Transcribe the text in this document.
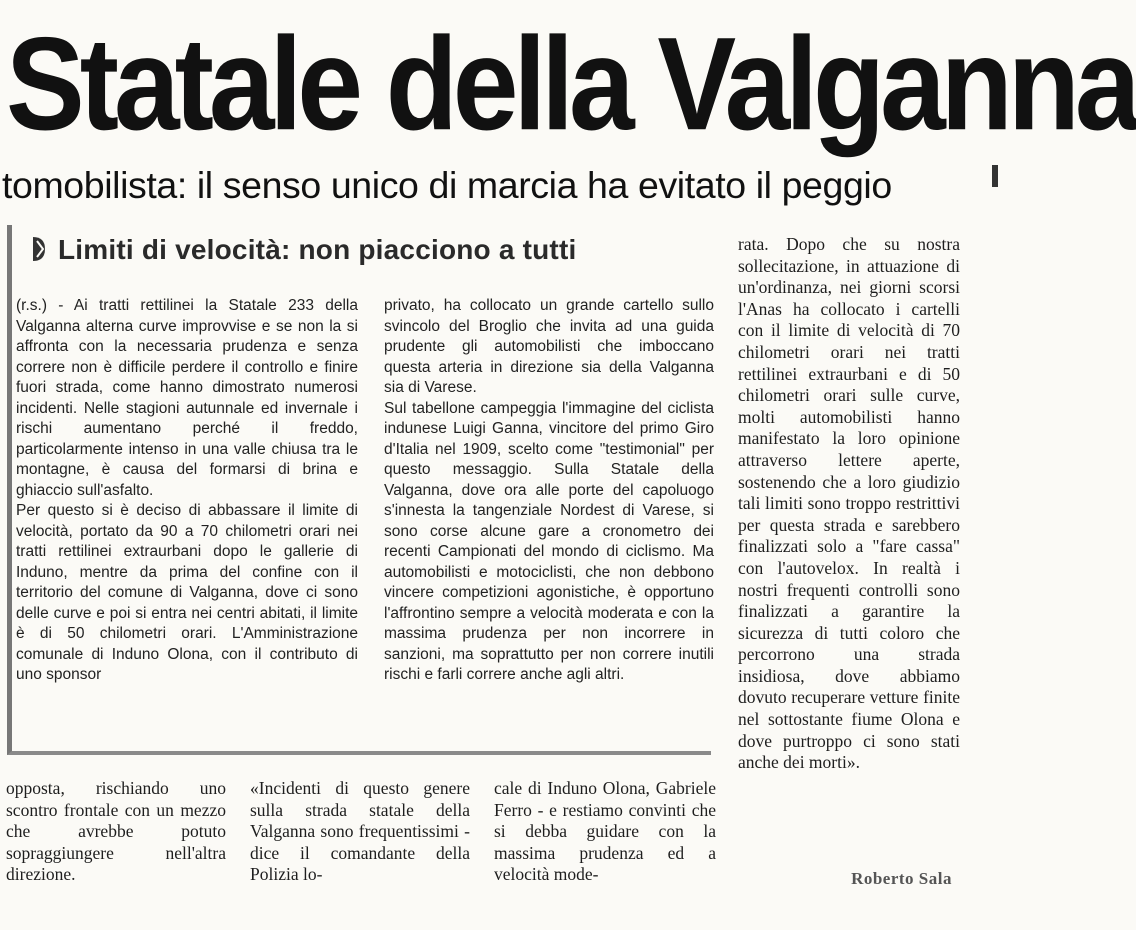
Statale della Valganna
tomobilista: il senso unico di marcia ha evitato il peggio
Limiti di velocità: non piacciono a tutti

(r.s.) - Ai tratti rettilinei la Statale 233 della Valganna alterna curve improvvise e se non la si affronta con la necessaria prudenza e senza correre non è difficile perdere il controllo e finire fuori strada, come hanno dimostrato numerosi incidenti. Nelle stagioni autunnale ed invernale i rischi aumentano perché il freddo, particolarmente intenso in una valle chiusa tra le montagne, è causa del formarsi di brina e ghiaccio sull'asfalto.

Per questo si è deciso di abbassare il limite di velocità, portato da 90 a 70 chilometri orari nei tratti rettilinei extraurbani dopo le gallerie di Induno, mentre da prima del confine con il territorio del comune di Valganna, dove ci sono delle curve e poi si entra nei centri abitati, il limite è di 50 chilometri orari. L'Amministrazione comunale di Induno Olona, con il contributo di uno sponsor

privato, ha collocato un grande cartello sullo svincolo del Broglio che invita ad una guida prudente gli automobilisti che imboccano questa arteria in direzione sia della Valganna sia di Varese.

Sul tabellone campeggia l'immagine del ciclista indunese Luigi Ganna, vincitore del primo Giro d'Italia nel 1909, scelto come "testimonial" per questo messaggio. Sulla Statale della Valganna, dove ora alle porte del capoluogo s'innesta la tangenziale Nordest di Varese, si sono corse alcune gare a cronometro dei recenti Campionati del mondo di ciclismo. Ma automobilisti e motociclisti, che non debbono vincere competizioni agonistiche, è opportuno l'affrontino sempre a velocità moderata e con la massima prudenza per non incorrere in sanzioni, ma soprattutto per non correre inutili rischi e farli correre anche agli altri.

rata. Dopo che su nostra sollecitazione, in attuazione di un'ordinanza, nei giorni scorsi l'Anas ha collocato i cartelli con il limite di velocità di 70 chilometri orari nei tratti rettilinei extraurbani e di 50 chilometri orari sulle curve, molti automobilisti hanno manifestato la loro opinione attraverso lettere aperte, sostenendo che a loro giudizio tali limiti sono troppo restrittivi per questa strada e sarebbero finalizzati solo a "fare cassa" con l'autovelox. In realtà i nostri frequenti controlli sono finalizzati a garantire la sicurezza di tutti coloro che percorrono una strada insidiosa, dove abbiamo dovuto recuperare vetture finite nel sottostante fiume Olona e dove purtroppo ci sono stati anche dei morti».

opposta, rischiando uno scontro frontale con un mezzo che avrebbe potuto sopraggiungere nell'altra direzione.

«Incidenti di questo genere sulla strada statale della Valganna sono frequentissimi - dice il comandante della Polizia lo-

cale di Induno Olona, Gabriele Ferro - e restiamo convinti che si debba guidare con la massima prudenza ed a velocità mode-	Roberto Sala
